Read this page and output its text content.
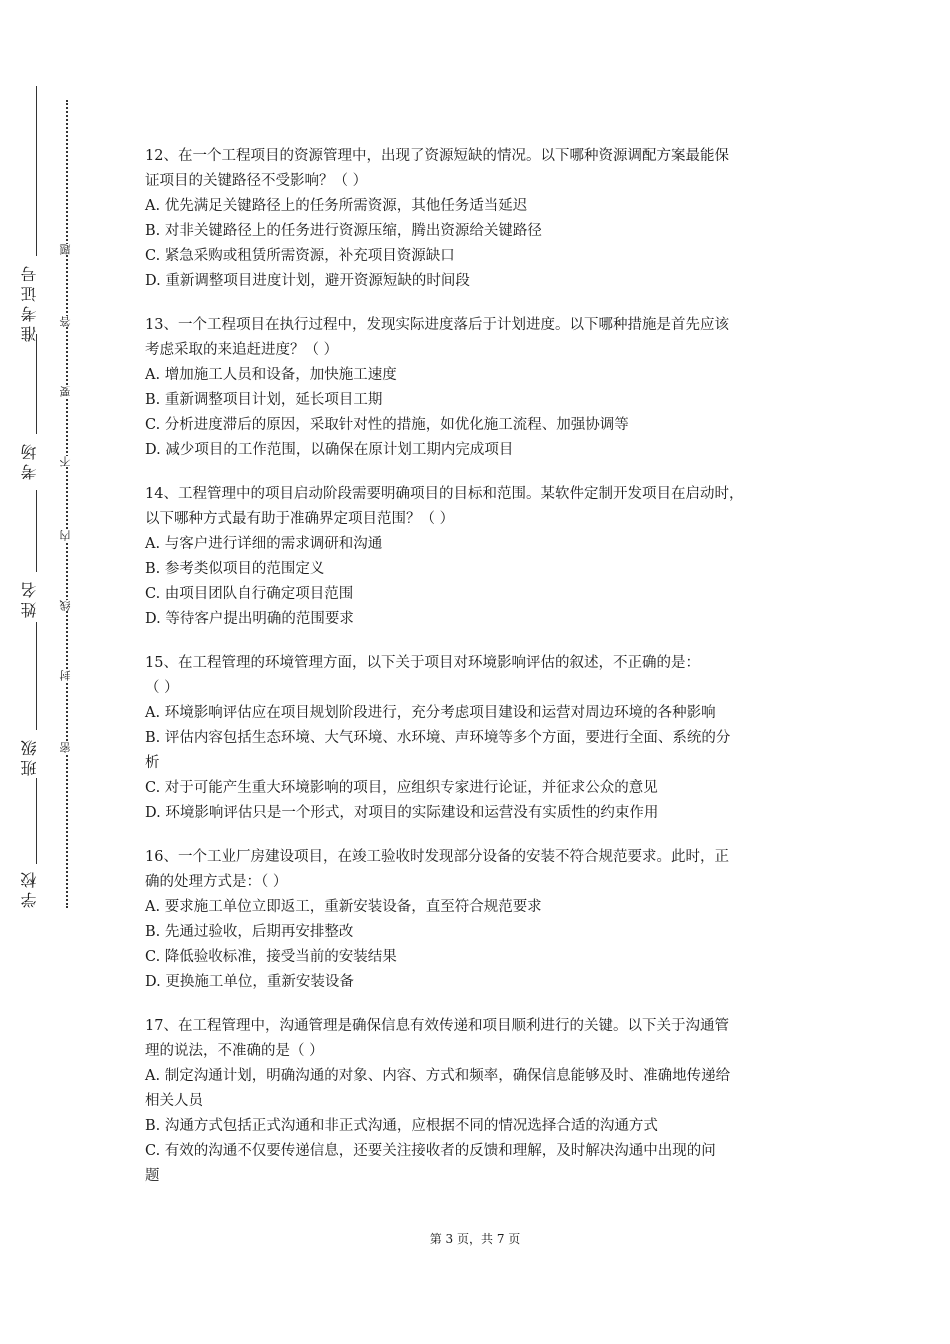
准考证号
考场
姓名
班级
学校
题
答
要
不
内
线
封
密

12、在一个工程项目的资源管理中，出现了资源短缺的情况。以下哪种资源调配方案最能保

证项目的关键路径不受影响？（ ）

A. 优先满足关键路径上的任务所需资源，其他任务适当延迟

B. 对非关键路径上的任务进行资源压缩，腾出资源给关键路径

C. 紧急采购或租赁所需资源，补充项目资源缺口

D. 重新调整项目进度计划，避开资源短缺的时间段

13、一个工程项目在执行过程中，发现实际进度落后于计划进度。以下哪种措施是首先应该

考虑采取的来追赶进度？（ ）

A. 增加施工人员和设备，加快施工速度

B. 重新调整项目计划，延长项目工期

C. 分析进度滞后的原因，采取针对性的措施，如优化施工流程、加强协调等

D. 减少项目的工作范围，以确保在原计划工期内完成项目

14、工程管理中的项目启动阶段需要明确项目的目标和范围。某软件定制开发项目在启动时，

以下哪种方式最有助于准确界定项目范围？（ ）

A. 与客户进行详细的需求调研和沟通

B. 参考类似项目的范围定义

C. 由项目团队自行确定项目范围

D. 等待客户提出明确的范围要求

15、在工程管理的环境管理方面，以下关于项目对环境影响评估的叙述，不正确的是：

（ ）

A. 环境影响评估应在项目规划阶段进行，充分考虑项目建设和运营对周边环境的各种影响

B. 评估内容包括生态环境、大气环境、水环境、声环境等多个方面，要进行全面、系统的分

析

C. 对于可能产生重大环境影响的项目，应组织专家进行论证，并征求公众的意见

D. 环境影响评估只是一个形式，对项目的实际建设和运营没有实质性的约束作用

16、一个工业厂房建设项目，在竣工验收时发现部分设备的安装不符合规范要求。此时，正

确的处理方式是：（ ）

A. 要求施工单位立即返工，重新安装设备，直至符合规范要求

B. 先通过验收，后期再安排整改

C. 降低验收标准，接受当前的安装结果

D. 更换施工单位，重新安装设备

17、在工程管理中，沟通管理是确保信息有效传递和项目顺利进行的关键。以下关于沟通管

理的说法，不准确的是（ ）

A. 制定沟通计划，明确沟通的对象、内容、方式和频率，确保信息能够及时、准确地传递给

相关人员

B. 沟通方式包括正式沟通和非正式沟通，应根据不同的情况选择合适的沟通方式

C. 有效的沟通不仅要传递信息，还要关注接收者的反馈和理解，及时解决沟通中出现的问

题

第 3 页，共 7 页
